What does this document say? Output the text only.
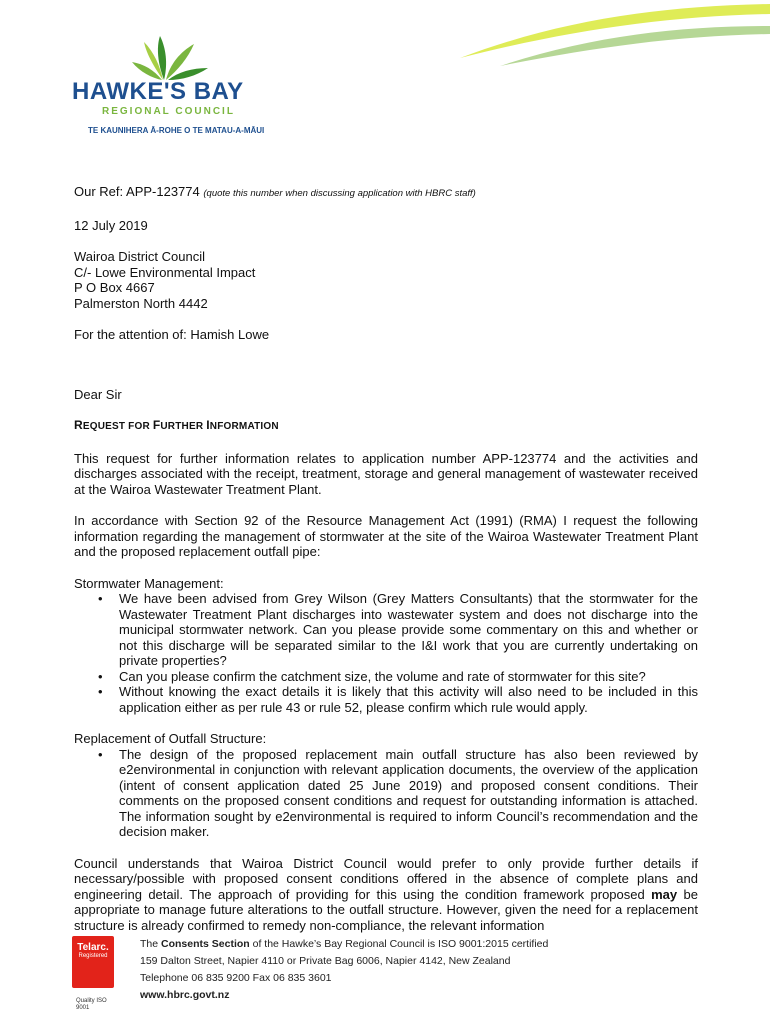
HAWKE'S BAY
REGIONAL COUNCIL
TE KAUNIHERA Ā-ROHE O TE MATAU-A-MĀUI

Our Ref: APP-123774 (quote this number when discussing application with HBRC staff)

12 July 2019

Wairoa District Council

C/- Lowe Environmental Impact

P O Box 4667

Palmerston North 4442

For the attention of: Hamish Lowe

Dear Sir

REQUEST FOR FURTHER INFORMATION

This request for further information relates to application number APP-123774 and the activities and discharges associated with the receipt, treatment, storage and general management of wastewater received at the Wairoa Wastewater Treatment Plant.

In accordance with Section 92 of the Resource Management Act (1991) (RMA) I request the following information regarding the management of stormwater at the site of the Wairoa Wastewater Treatment Plant and the proposed replacement outfall pipe:

Stormwater Management:

• We have been advised from Grey Wilson (Grey Matters Consultants) that the stormwater for the Wastewater Treatment Plant discharges into wastewater system and does not discharge into the municipal stormwater network. Can you please provide some commentary on this and whether or not this discharge will be separated similar to the I&I work that you are currently undertaking on private properties?
• Can you please confirm the catchment size, the volume and rate of stormwater for this site?
• Without knowing the exact details it is likely that this activity will also need to be included in this application either as per rule 43 or rule 52, please confirm which rule would apply.

Replacement of Outfall Structure:

• The design of the proposed replacement main outfall structure has also been reviewed by e2environmental in conjunction with relevant application documents, the overview of the application (intent of consent application dated 25 June 2019) and proposed consent conditions. Their comments on the proposed consent conditions and request for outstanding information is attached. The information sought by e2environmental is required to inform Council’s recommendation and the decision maker.

Council understands that Wairoa District Council would prefer to only provide further details if necessary/possible with proposed consent conditions offered in the absence of complete plans and engineering detail. The approach of providing for this using the condition framework proposed may be appropriate to manage future alterations to the outfall structure. However, given the need for a replacement structure is already confirmed to remedy non-compliance, the relevant information

Telarc.
Registered
Quality ISO 9001
The Consents Section of the Hawke’s Bay Regional Council is ISO 9001:2015 certified
159 Dalton Street, Napier 4110 or Private Bag 6006, Napier 4142, New Zealand
Telephone 06 835 9200 Fax 06 835 3601
www.hbrc.govt.nz
